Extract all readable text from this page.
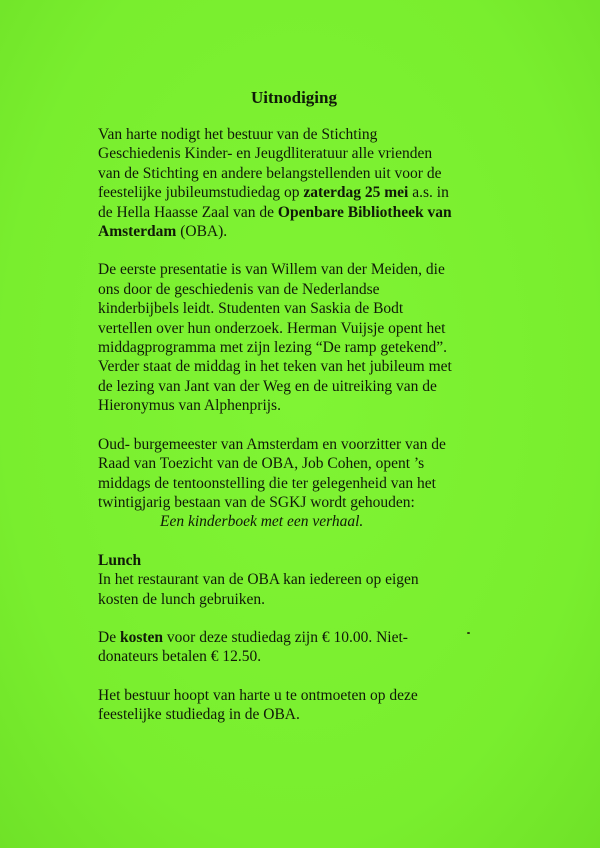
Uitnodiging

Van harte nodigt het bestuur van de Stichting
Geschiedenis Kinder- en Jeugdliteratuur alle vrienden
van de Stichting en andere belangstellenden uit voor de
feestelijke jubileumstudiedag op zaterdag 25 mei a.s. in
de Hella Haasse Zaal van de Openbare Bibliotheek van
Amsterdam (OBA).

De eerste presentatie is van Willem van der Meiden, die
ons door de geschiedenis van de Nederlandse
kinderbijbels leidt. Studenten van Saskia de Bodt
vertellen over hun onderzoek. Herman Vuijsje opent het
middagprogramma met zijn lezing “De ramp getekend”.
Verder staat de middag in het teken van het jubileum met
de lezing van Jant van der Weg en de uitreiking van de
Hieronymus van Alphenprijs.

Oud- burgemeester van Amsterdam en voorzitter van de
Raad van Toezicht van de OBA, Job Cohen, opent ’s
middags de tentoonstelling die ter gelegenheid van het
twintigjarig bestaan van de SGKJ wordt gehouden:
Een kinderboek met een verhaal.

Lunch
In het restaurant van de OBA kan iedereen op eigen
kosten de lunch gebruiken.

De kosten voor deze studiedag zijn € 10.00. Niet-
donateurs betalen € 12.50.

Het bestuur hoopt van harte u te ontmoeten op deze
feestelijke studiedag in de OBA.
